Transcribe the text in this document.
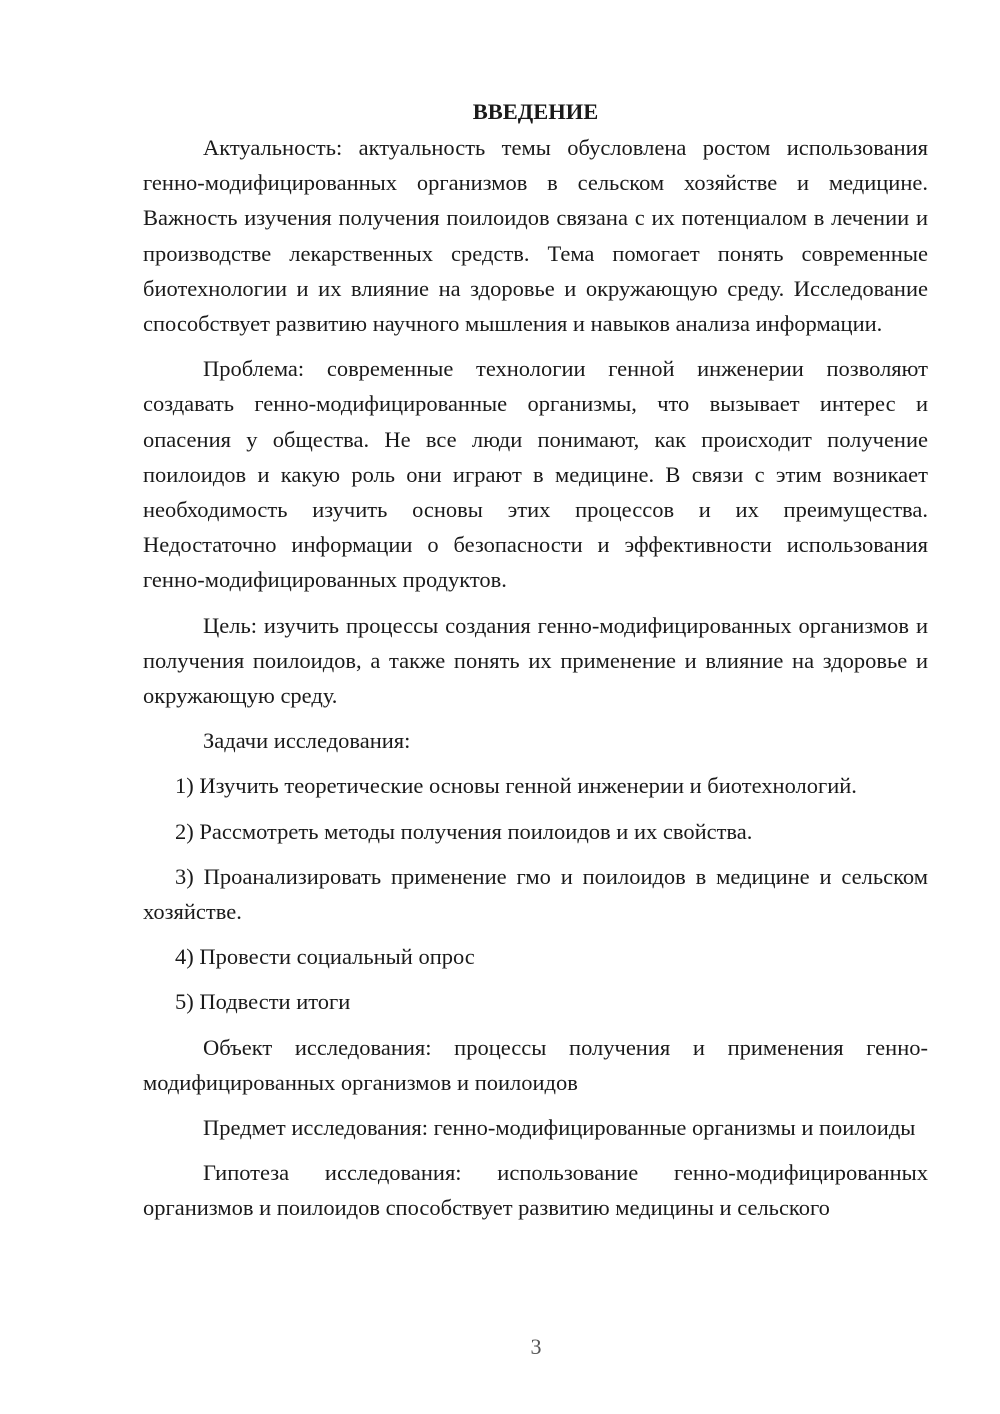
ВВЕДЕНИЕ

Актуальность: актуальность темы обусловлена ростом использования генно-модифицированных организмов в сельском хозяйстве и медицине. Важность изучения получения поилоидов связана с их потенциалом в лечении и производстве лекарственных средств. Тема помогает понять современные биотехнологии и их влияние на здоровье и окружающую среду. Исследование способствует развитию научного мышления и навыков анализа информации.

Проблема: современные технологии генной инженерии позволяют создавать генно-модифицированные организмы, что вызывает интерес и опасения у общества. Не все люди понимают, как происходит получение поилоидов и какую роль они играют в медицине. В связи с этим возникает необходимость изучить основы этих процессов и их преимущества. Недостаточно информации о безопасности и эффективности использования генно-модифицированных продуктов.

Цель: изучить процессы создания генно-модифицированных организмов и получения поилоидов, а также понять их применение и влияние на здоровье и окружающую среду.

Задачи исследования:

1) Изучить теоретические основы генной инженерии и биотехнологий.

2) Рассмотреть методы получения поилоидов и их свойства.

3) Проанализировать применение гмо и поилоидов в медицине и сельском хозяйстве.

4) Провести социальный опрос

5) Подвести итоги

Объект исследования: процессы получения и применения генно-модифицированных организмов и поилоидов

Предмет исследования: генно-модифицированные организмы и поилоиды

Гипотеза исследования: использование генно-модифицированных организмов и поилоидов способствует развитию медицины и сельского

3
